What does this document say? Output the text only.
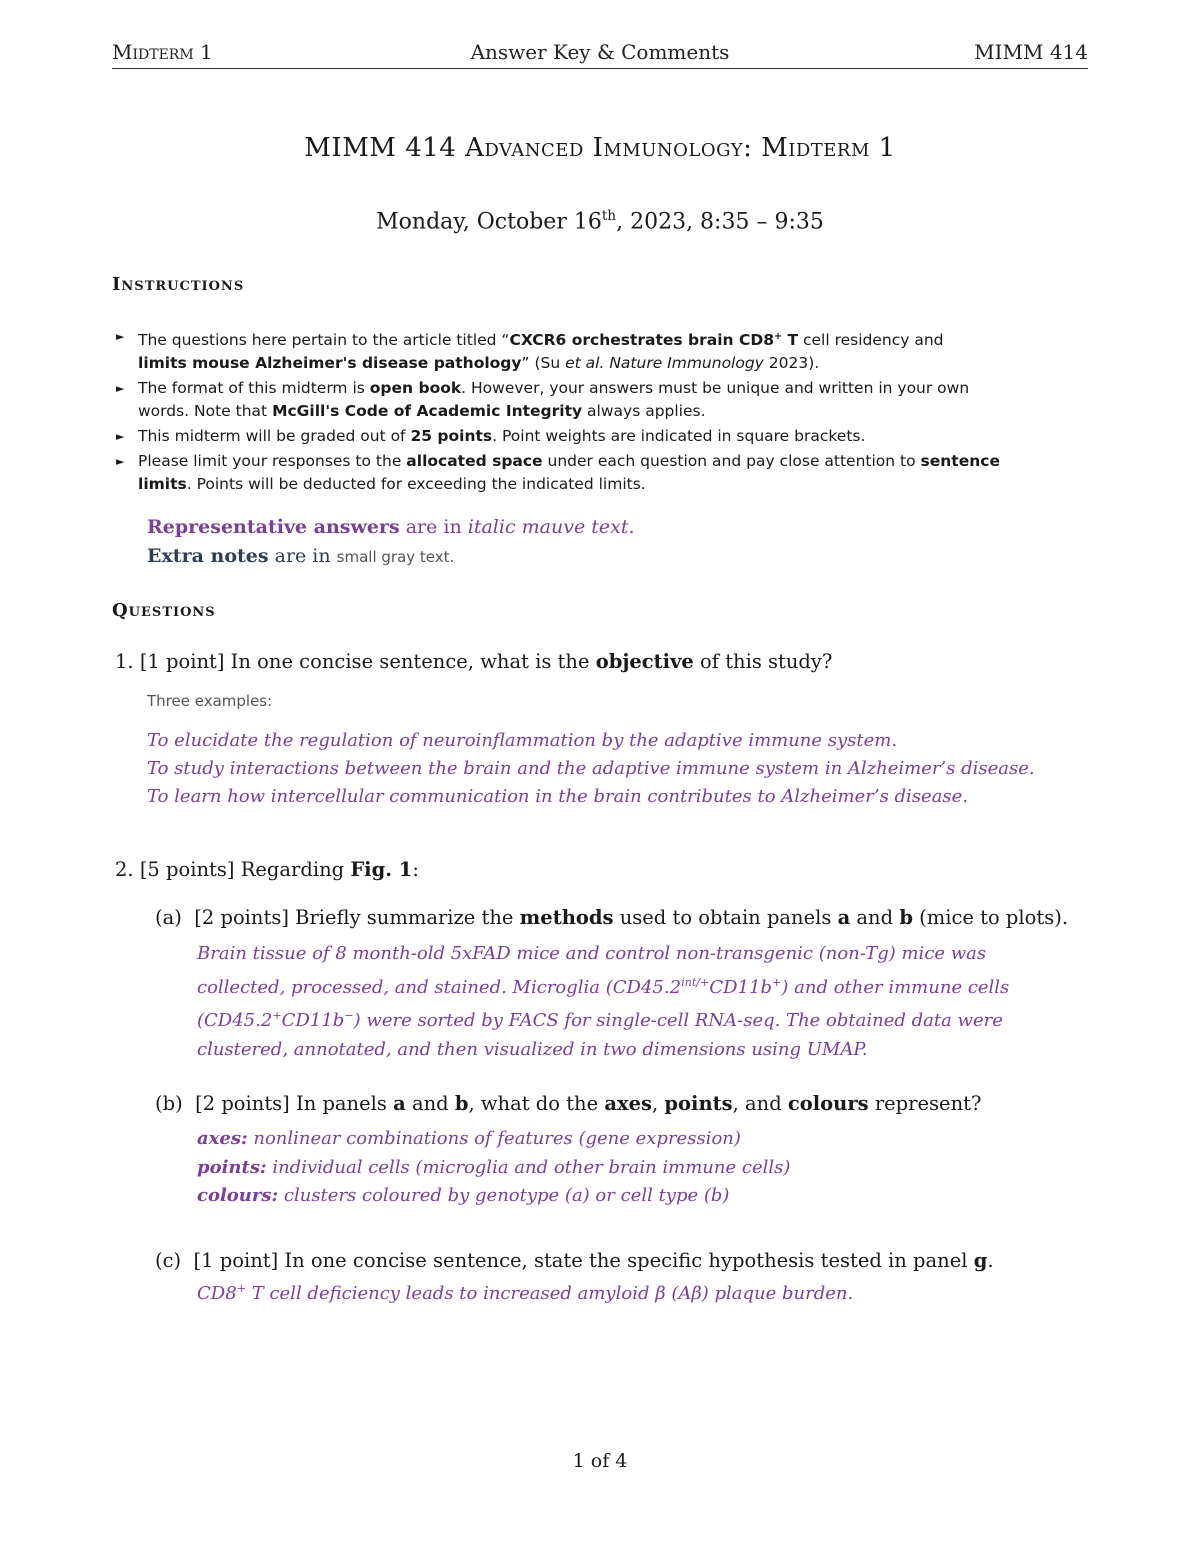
Midterm 1	Answer Key & Comments	MIMM 414
MIMM 414 Advanced Immunology: Midterm 1
Monday, October 16th, 2023, 8:35 – 9:35
Instructions
► The questions here pertain to the article titled “CXCR6 orchestrates brain CD8+ T cell residency and
limits mouse Alzheimer's disease pathology” (Su et al. Nature Immunology 2023).
► The format of this midterm is open book. However, your answers must be unique and written in your own
words. Note that McGill's Code of Academic Integrity always applies.
► This midterm will be graded out of 25 points. Point weights are indicated in square brackets.
► Please limit your responses to the allocated space under each question and pay close attention to sentence
limits. Points will be deducted for exceeding the indicated limits.
Representative answers are in italic mauve text.
Extra notes are in small gray text.
Questions
1. [1 point] In one concise sentence, what is the objective of this study?
Three examples:
To elucidate the regulation of neuroinflammation by the adaptive immune system.
To study interactions between the brain and the adaptive immune system in Alzheimer’s disease.
To learn how intercellular communication in the brain contributes to Alzheimer’s disease.
2. [5 points] Regarding Fig. 1:
(a) [2 points] Briefly summarize the methods used to obtain panels a and b (mice to plots).
Brain tissue of 8 month-old 5xFAD mice and control non-transgenic (non-Tg) mice was
collected, processed, and stained. Microglia $(CD45.2^{int/+}CD11b^+)$ and other immune cells
(CD45.2+CD11b−) were sorted by FACS for single-cell RNA-seq. The obtained data were
clustered, annotated, and then visualized in two dimensions using UMAP.
(b) [2 points] In panels a and b, what do the axes, points, and colours represent?
axes: nonlinear combinations of features (gene expression)
points: individual cells (microglia and other brain immune cells)
colours: clusters coloured by genotype (a) or cell type (b)
(c) [1 point] In one concise sentence, state the specific hypothesis tested in panel g.
CD8+ T cell deficiency leads to increased amyloid β (Aβ) plaque burden.
1 of 4
